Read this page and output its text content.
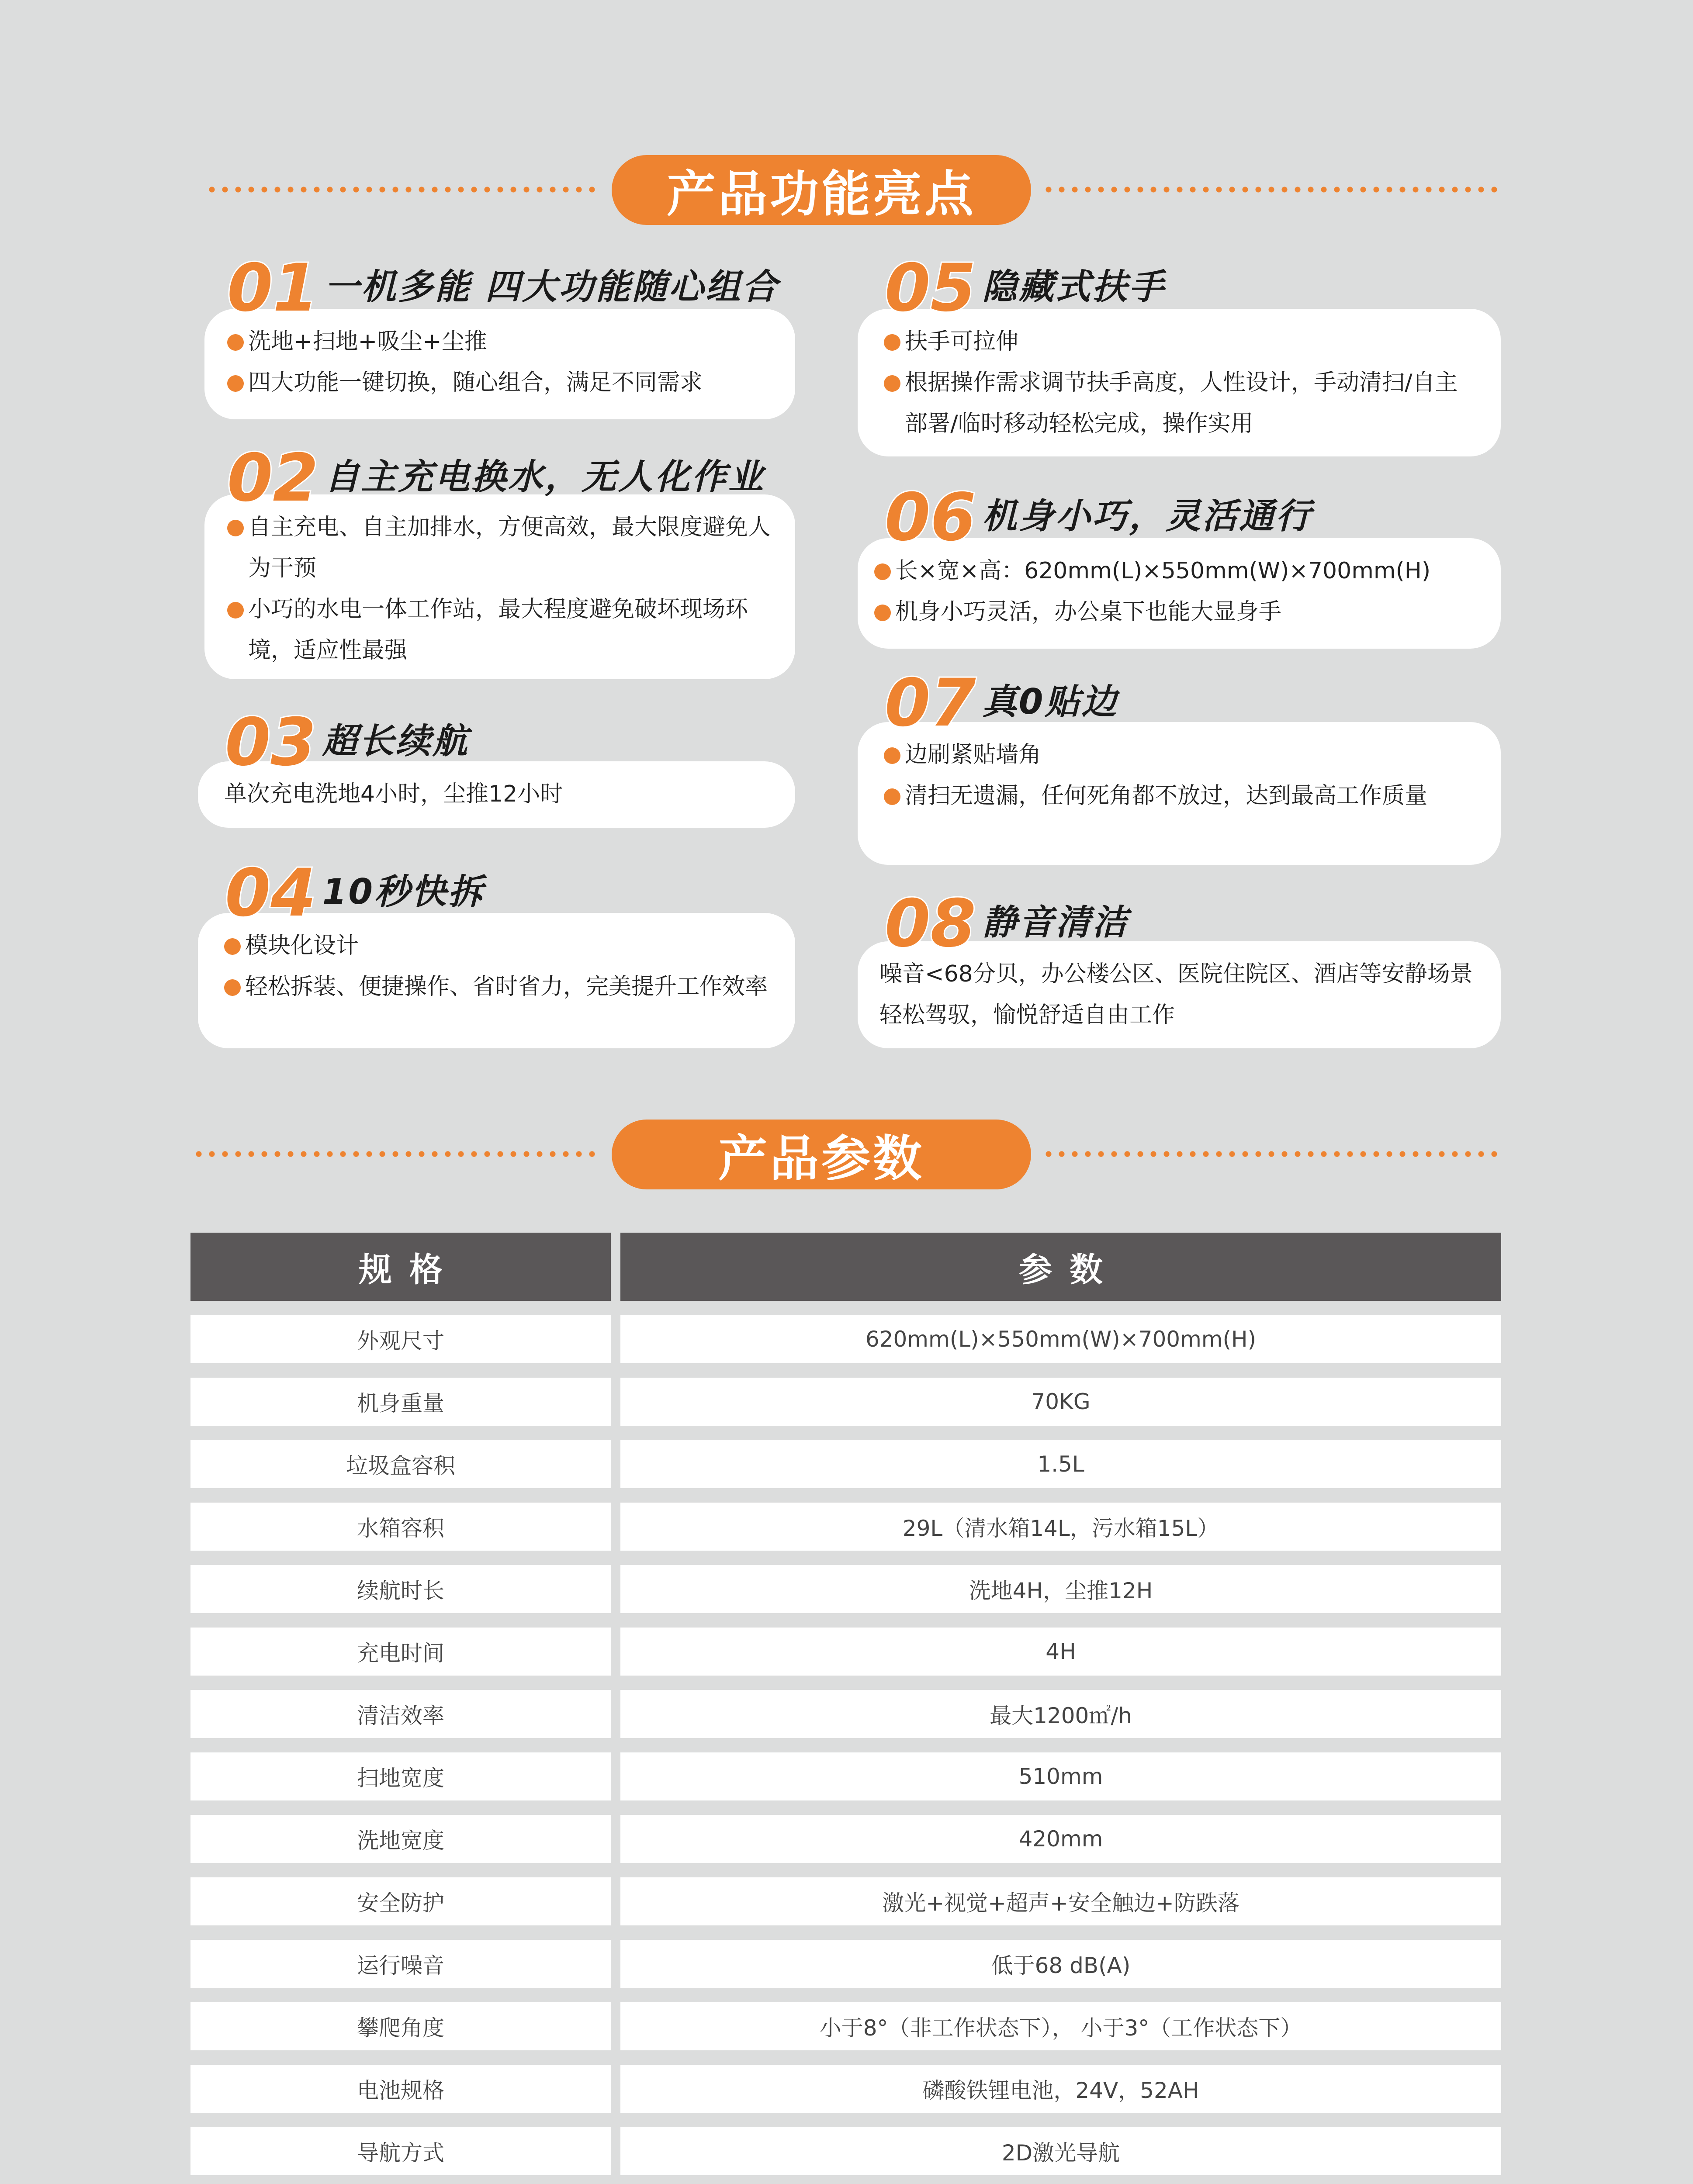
产品功能亮点
洗地+扫地+吸尘+尘推
四大功能一键切换，随心组合，满足不同需求
01 一机多能 四大功能随心组合
自主充电、自主加排水，方便高效，最大限度避免人为干预
小巧的水电一体工作站，最大程度避免破坏现场环境，适应性最强
02 自主充电换水，无人化作业
单次充电洗地4小时，尘推12小时
03 超长续航
模块化设计
轻松拆装、便捷操作、省时省力，完美提升工作效率
04 10秒快拆
扶手可拉伸
根据操作需求调节扶手高度，人性设计，手动清扫/自主部署/临时移动轻松完成，操作实用
05 隐藏式扶手
长×宽×高：620mm(L)×550mm(W)×700mm(H)
机身小巧灵活，办公桌下也能大显身手
06 机身小巧，灵活通行
边刷紧贴墙角
清扫无遗漏，任何死角都不放过，达到最高工作质量
07 真0贴边
噪音<68分贝，办公楼公区、医院住院区、酒店等安静场景轻松驾驭，愉悦舒适自由工作
08 静音清洁
产品参数
规格	参数

外观尺寸	620mm(L)×550mm(W)×700mm(H)

机身重量	70KG

垃圾盒容积	1.5L

水箱容积	29L（清水箱14L，污水箱15L）

续航时长	洗地4H，尘推12H

充电时间	4H

清洁效率	最大1200㎡/h

扫地宽度	510mm

洗地宽度	420mm

安全防护	激光+视觉+超声+安全触边+防跌落

运行噪音	低于68 dB(A)

攀爬角度	小于8°（非工作状态下）， 小于3°（工作状态下）

电池规格	磷酸铁锂电池，24V，52AH

导航方式	2D激光导航
